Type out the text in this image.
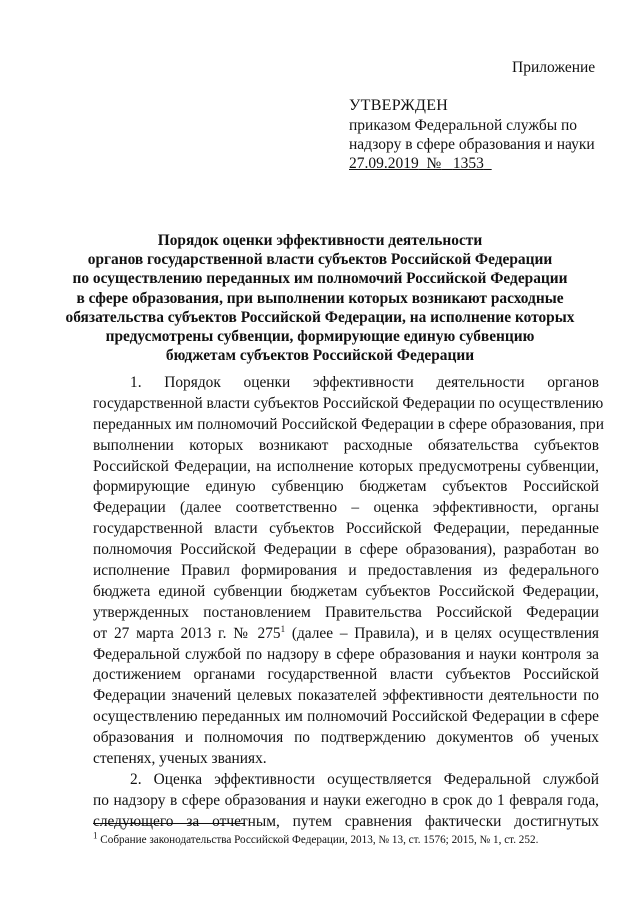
Приложение
УТВЕРЖДЕН
приказом Федеральной службы по
надзору в сфере образования и науки
27.09.2019 № 1353
Порядок оценки эффективности деятельности
органов государственной власти субъектов Российской Федерации
по осуществлению переданных им полномочий Российской Федерации
в сфере образования, при выполнении которых возникают расходные
обязательства субъектов Российской Федерации, на исполнение которых
предусмотрены субвенции, формирующие единую субвенцию
бюджетам субъектов Российской Федерации
1. Порядок оценки эффективности деятельности органов
государственной власти субъектов Российской Федерации по осуществлению
переданных им полномочий Российской Федерации в сфере образования, при
выполнении которых возникают расходные обязательства субъектов
Российской Федерации, на исполнение которых предусмотрены субвенции,
формирующие единую субвенцию бюджетам субъектов Российской
Федерации (далее соответственно – оценка эффективности, органы
государственной власти субъектов Российской Федерации, переданные
полномочия Российской Федерации в сфере образования), разработан во
исполнение Правил формирования и предоставления из федерального
бюджета единой субвенции бюджетам субъектов Российской Федерации,
утвержденных постановлением Правительства Российской Федерации
от 27 марта 2013 г. № $275^1$ (далее – Правила), и в целях осуществления
Федеральной службой по надзору в сфере образования и науки контроля за
достижением органами государственной власти субъектов Российской
Федерации значений целевых показателей эффективности деятельности по
осуществлению переданных им полномочий Российской Федерации в сфере
образования и полномочия по подтверждению документов об ученых
степенях, ученых званиях.
2. Оценка эффективности осуществляется Федеральной службой
по надзору в сфере образования и науки ежегодно в срок до 1 февраля года,
следующего за отчетным, путем сравнения фактически достигнутых
$^1$ Собрание законодательства Российской Федерации, 2013, № 13, ст. 1576; 2015, № 1, ст. 252.
